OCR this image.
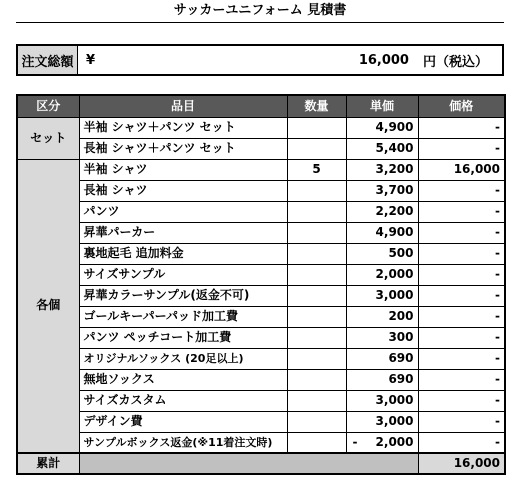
サッカーユニフォーム 見積書
注文総額 ¥	16,000	円（税込）
区分	品目	数量	単価	価格
セット	半袖 シャツ＋パンツ セット		4,900	-
	長袖 シャツ＋パンツ セット		5,400	-
各個	半袖 シャツ	5	3,200	16,000
	長袖 シャツ		3,700	-
	パンツ		2,200	-
	昇華パーカー		4,900	-
	裏地起毛 追加料金		500	-
	サイズサンプル		2,000	-
	昇華カラーサンプル(返金不可)		3,000	-
	ゴールキーパーパッド加工費		200	-
	パンツ ペッチコート加工費		300	-
	オリジナルソックス (20足以上)		690	-
	無地ソックス		690	-
	サイズカスタム		3,000	-
	デザイン費		3,000	-
	サンプルボックス返金(※11着注文時)		- 2,000	-
累計				16,000
